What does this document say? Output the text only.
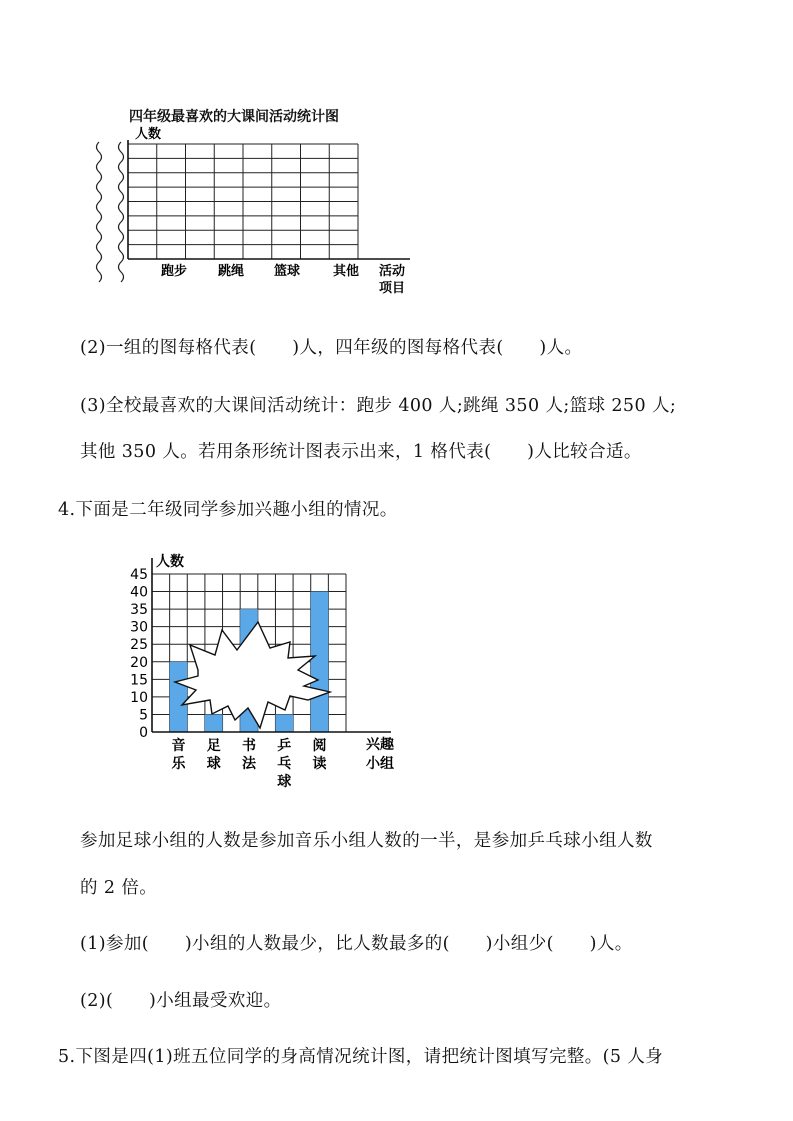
四年级最喜欢的大课间活动统计图
人数
跑步 跳绳 篮球	其他 活动
项目
(2)一组的图每格代表(　　)人，四年级的图每格代表(　　)人。
(3)全校最喜欢的大课间活动统计：跑步 400 人;跳绳 350 人;篮球 250 人;
其他 350 人。若用条形统计图表示出来，1 格代表(　　)人比较合适。
4.下面是二年级同学参加兴趣小组的情况。
人数
0
5
10
15
20
25
30
35
40
45
音
乐
足
球
书
法
乒
乓
球
阅
读
兴趣
小组
参加足球小组的人数是参加音乐小组人数的一半，是参加乒乓球小组人数
的 2 倍。
(1)参加(　　)小组的人数最少，比人数最多的(　　)小组少(　　)人。
(2)(　　)小组最受欢迎。
5.下图是四(1)班五位同学的身高情况统计图，请把统计图填写完整。(5 人身
